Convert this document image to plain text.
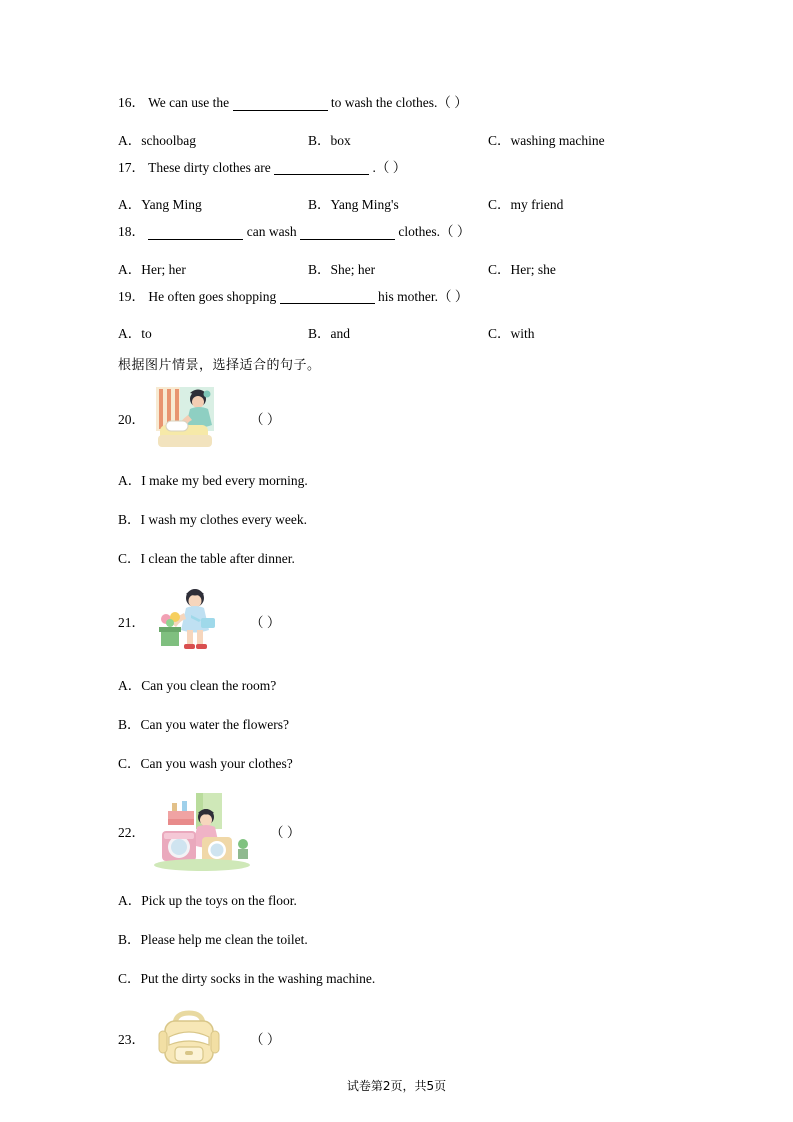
16． We can use the	to wash the clothes.（ ）
A．schoolbag	B．box	C．washing machine
17． These dirty clothes are	.（ ）
A．Yang Ming	B．Yang Ming's	C．my friend
18．	can wash	clothes.（ ）
A．Her; her	B．She; her	C．Her; she
19． He often goes shopping	his mother.（ ）
A．to	B．and	C．with
根据图片情景，选择适合的句子。
20．	（ ）
A．I make my bed every morning.
B．I wash my clothes every week.
C．I clean the table after dinner.
21．	（ ）
A．Can you clean the room?
B．Can you water the flowers?
C．Can you wash your clothes?
22．	（ ）
A．Pick up the toys on the floor.
B．Please help me clean the toilet.
C．Put the dirty socks in the washing machine.
23．	（ ）
试卷第2页，共5页
